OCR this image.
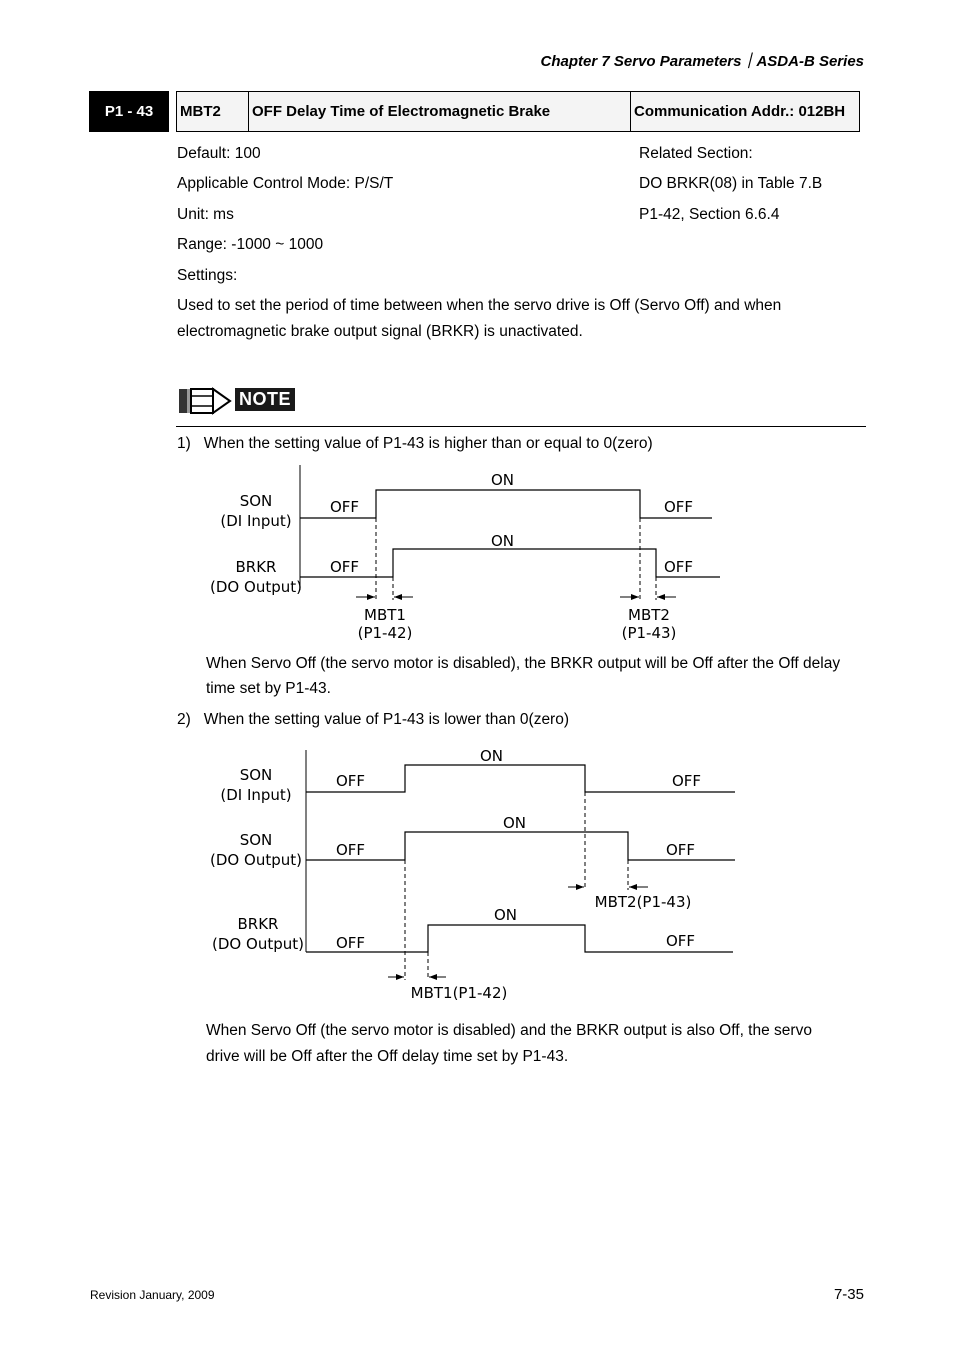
Chapter 7 Servo Parameters｜ASDA-B Series
P1 - 43	MBT2	OFF Delay Time of Electromagnetic Brake	Communication Addr.: 012BH
Default: 100
Applicable Control Mode: P/S/T
Unit: ms
Range: -1000 ~ 1000
Settings:
Related Section:
DO BRKR(08) in Table 7.B
P1-42, Section 6.6.4
Used to set the period of time between when the servo drive is Off (Servo Off) and when
electromagnetic brake output signal (BRKR) is unactivated.
NOTE
1)   When the setting value of P1-43 is higher than or equal to 0(zero)
SON
(DI Input)
BRKR
(DO Output)
OFF
ON
OFF
OFF
ON
OFF
MBT1
(P1-42)
MBT2
(P1-43)
When Servo Off (the servo motor is disabled), the BRKR output will be Off after the Off delay
time set by P1-43.
2)   When the setting value of P1-43 is lower than 0(zero)
SON
(DI Input)
SON
(DO Output)
BRKR
(DO Output)
OFF
ON
OFF
OFF
ON
OFF
MBT2(P1-43)
OFF
ON
OFF
MBT1(P1-42)
When Servo Off (the servo motor is disabled) and the BRKR output is also Off, the servo
drive will be Off after the Off delay time set by P1-43.
Revision January, 2009	7-35
